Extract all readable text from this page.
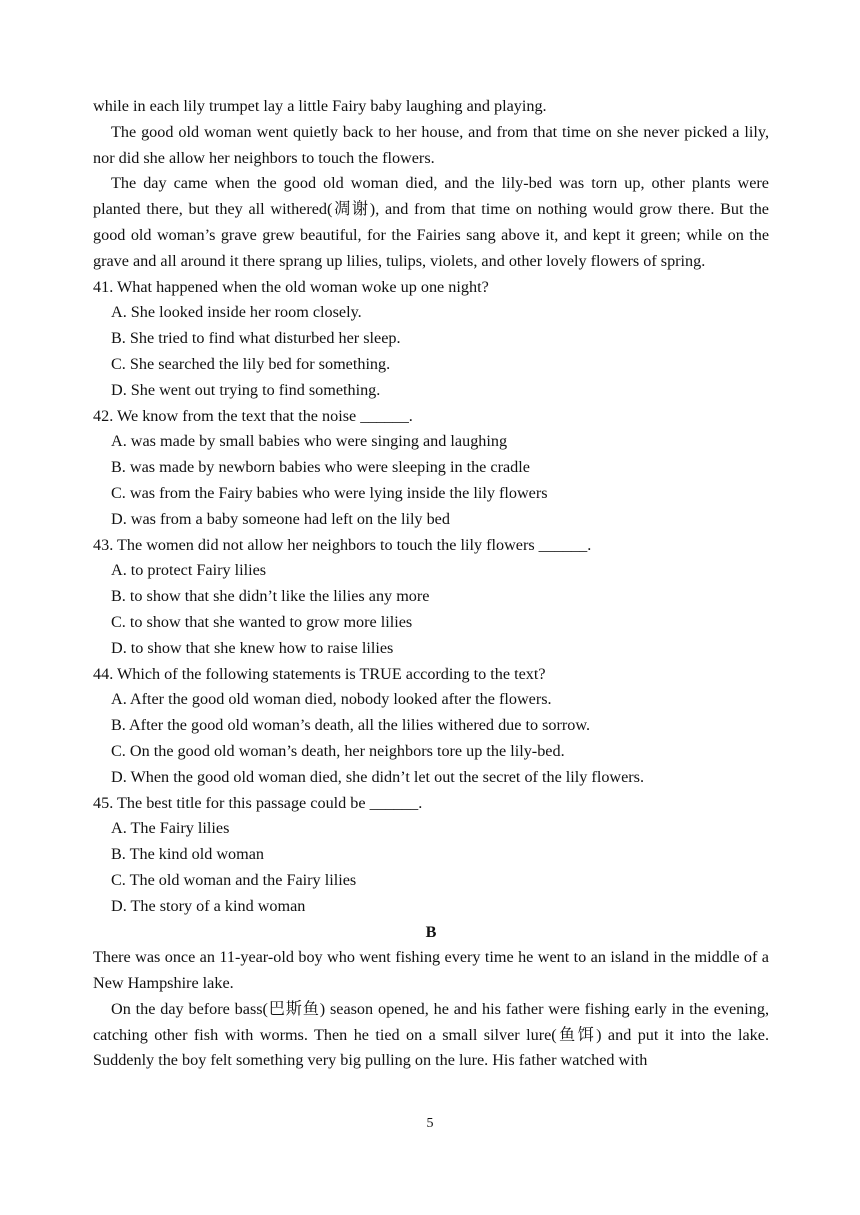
while in each lily trumpet lay a little Fairy baby laughing and playing.
The good old woman went quietly back to her house, and from that time on she never picked a lily, nor did she allow her neighbors to touch the flowers.
The day came when the good old woman died, and the lily-bed was torn up, other plants were planted there, but they all withered(凋谢), and from that time on nothing would grow there. But the good old woman’s grave grew beautiful, for the Fairies sang above it, and kept it green; while on the grave and all around it there sprang up lilies, tulips, violets, and other lovely flowers of spring.
41. What happened when the old woman woke up one night?
A. She looked inside her room closely.
B. She tried to find what disturbed her sleep.
C. She searched the lily bed for something.
D. She went out trying to find something.
42. We know from the text that the noise ______.
A. was made by small babies who were singing and laughing
B. was made by newborn babies who were sleeping in the cradle
C. was from the Fairy babies who were lying inside the lily flowers
D. was from a baby someone had left on the lily bed
43. The women did not allow her neighbors to touch the lily flowers ______.
A. to protect Fairy lilies
B. to show that she didn’t like the lilies any more
C. to show that she wanted to grow more lilies
D. to show that she knew how to raise lilies
44. Which of the following statements is TRUE according to the text?
A. After the good old woman died, nobody looked after the flowers.
B. After the good old woman’s death, all the lilies withered due to sorrow.
C. On the good old woman’s death, her neighbors tore up the lily-bed.
D. When the good old woman died, she didn’t let out the secret of the lily flowers.
45. The best title for this passage could be ______.
A. The Fairy lilies
B. The kind old woman
C. The old woman and the Fairy lilies
D. The story of a kind woman
B
There was once an 11-year-old boy who went fishing every time he went to an island in the middle of a New Hampshire lake.
On the day before bass(巴斯鱼) season opened, he and his father were fishing early in the evening, catching other fish with worms. Then he tied on a small silver lure(鱼饵) and put it into the lake. Suddenly the boy felt something very big pulling on the lure. His father watched with
5
